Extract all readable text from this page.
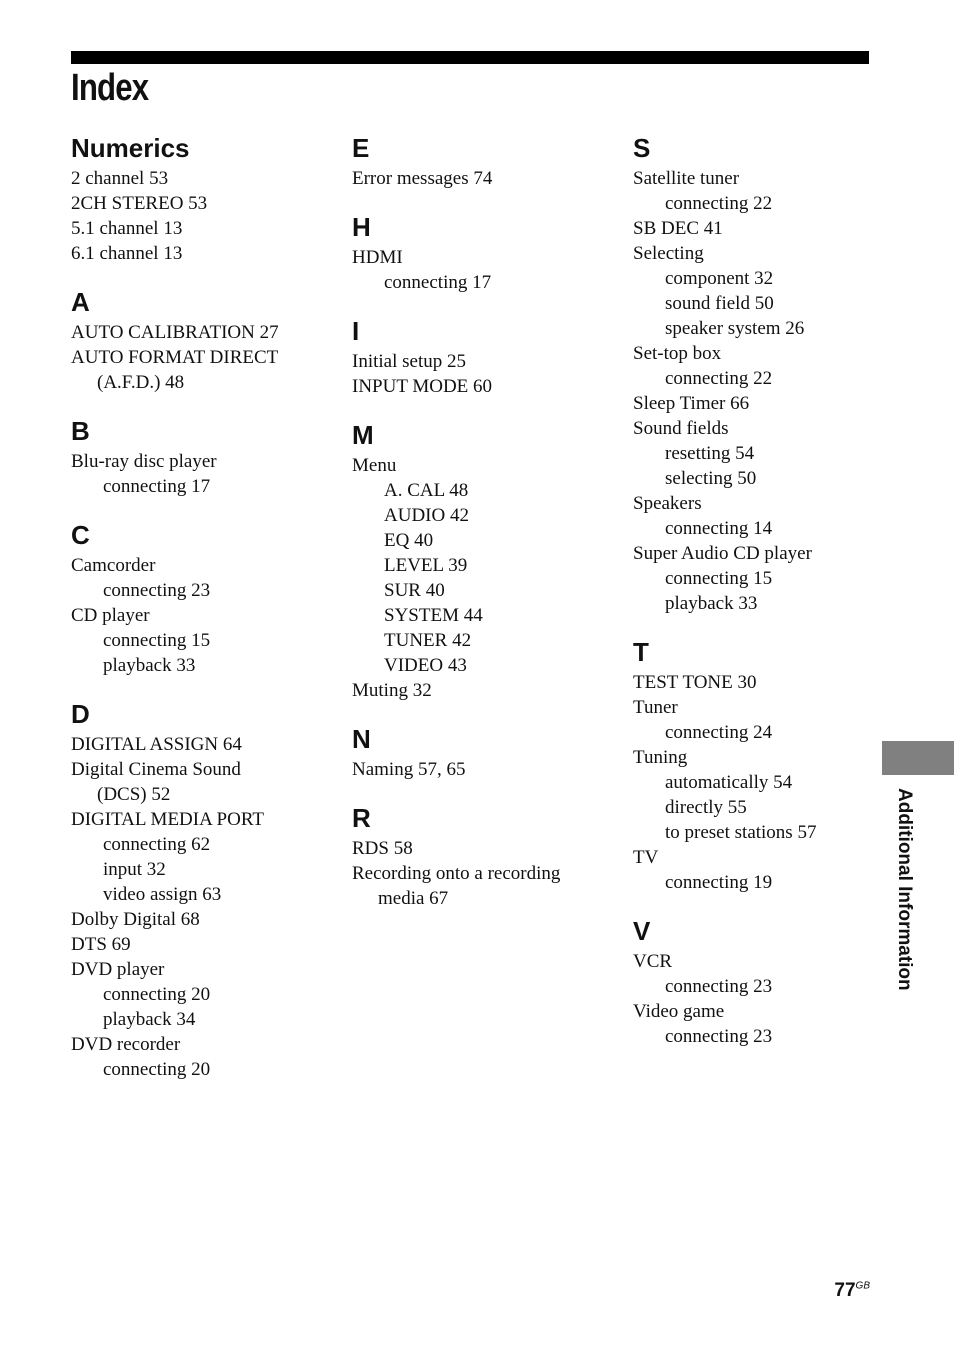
Index
Numerics
2 channel 53
2CH STEREO 53
5.1 channel 13
6.1 channel 13
A
AUTO CALIBRATION 27
AUTO FORMAT DIRECT
(A.F.D.) 48
B
Blu-ray disc player
connecting 17
C
Camcorder
connecting 23
CD player
connecting 15
playback 33
D
DIGITAL ASSIGN 64
Digital Cinema Sound
(DCS) 52
DIGITAL MEDIA PORT
connecting 62
input 32
video assign 63
Dolby Digital 68
DTS 69
DVD player
connecting 20
playback 34
DVD recorder
connecting 20
E
Error messages 74
H
HDMI
connecting 17
I
Initial setup 25
INPUT MODE 60
M
Menu
A. CAL 48
AUDIO 42
EQ 40
LEVEL 39
SUR 40
SYSTEM 44
TUNER 42
VIDEO 43
Muting 32
N
Naming 57, 65
R
RDS 58
Recording onto a recording
media 67
S
Satellite tuner
connecting 22
SB DEC 41
Selecting
component 32
sound field 50
speaker system 26
Set-top box
connecting 22
Sleep Timer 66
Sound fields
resetting 54
selecting 50
Speakers
connecting 14
Super Audio CD player
connecting 15
playback 33
T
TEST TONE 30
Tuner
connecting 24
Tuning
automatically 54
directly 55
to preset stations 57
TV
connecting 19
V
VCR
connecting 23
Video game
connecting 23
Additional Information
$77^{GB}$
